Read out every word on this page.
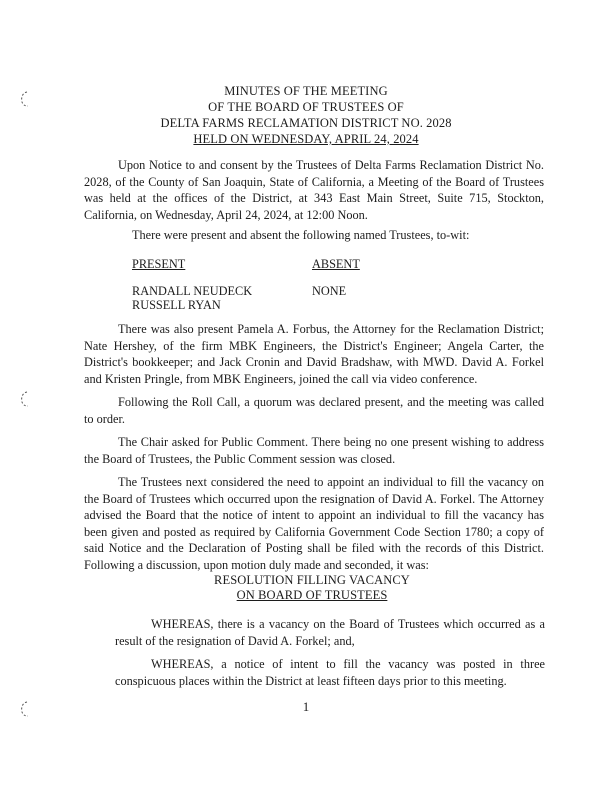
MINUTES OF THE MEETING
OF THE BOARD OF TRUSTEES OF
DELTA FARMS RECLAMATION DISTRICT NO. 2028
HELD ON WEDNESDAY, APRIL 24, 2024

Upon Notice to and consent by the Trustees of Delta Farms Reclamation District No. 2028, of the County of San Joaquin, State of California, a Meeting of the Board of Trustees was held at the offices of the District, at 343 East Main Street, Suite 715, Stockton, California, on Wednesday, April 24, 2024, at 12:00 Noon.

There were present and absent the following named Trustees, to-wit:

PRESENT	ABSENT
RANDALL NEUDECK
RUSSELL RYAN
NONE

There was also present Pamela A. Forbus, the Attorney for the Reclamation District; Nate Hershey, of the firm MBK Engineers, the District's Engineer; Angela Carter, the District's bookkeeper; and Jack Cronin and David Bradshaw, with MWD. David A. Forkel and Kristen Pringle, from MBK Engineers, joined the call via video conference.

Following the Roll Call, a quorum was declared present, and the meeting was called to order.

The Chair asked for Public Comment. There being no one present wishing to address the Board of Trustees, the Public Comment session was closed.

The Trustees next considered the need to appoint an individual to fill the vacancy on the Board of Trustees which occurred upon the resignation of David A. Forkel. The Attorney advised the Board that the notice of intent to appoint an individual to fill the vacancy has been given and posted as required by California Government Code Section 1780; a copy of said Notice and the Declaration of Posting shall be filed with the records of this District. Following a discussion, upon motion duly made and seconded, it was:

RESOLUTION FILLING VACANCY
ON BOARD OF TRUSTEES

WHEREAS, there is a vacancy on the Board of Trustees which occurred as a result of the resignation of David A. Forkel; and,

WHEREAS, a notice of intent to fill the vacancy was posted in three conspicuous places within the District at least fifteen days prior to this meeting.

1
